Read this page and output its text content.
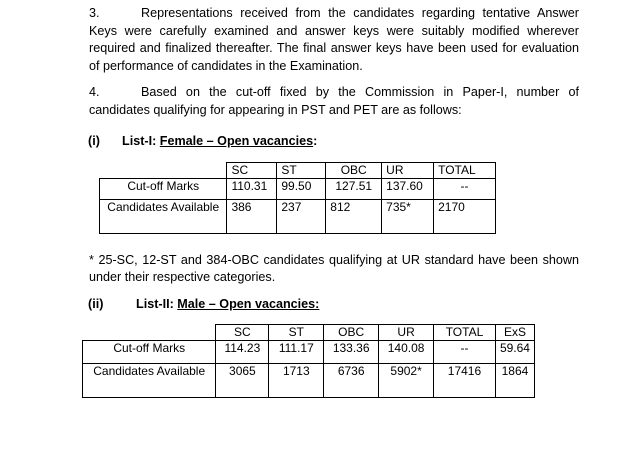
3.	Representations received from the candidates regarding tentative Answer Keys were carefully examined and answer keys were suitably modified wherever required and finalized thereafter. The final answer keys have been used for evaluation of performance of candidates in the Examination.
4.	Based on the cut-off fixed by the Commission in Paper-I, number of candidates qualifying for appearing in PST and PET are as follows:
(i) List-I: Female – Open vacancies:
	SC	ST	OBC	UR	TOTAL
Cut-off Marks	110.31	99.50	127.51	137.60	--
Candidates Available	386	237	812	735*	2170
* 25-SC, 12-ST and 384-OBC candidates qualifying at UR standard have been shown under their respective categories.
(ii)	List-II: Male – Open vacancies:
	SC	ST	OBC	UR	TOTAL	ExS
Cut-off Marks	114.23	111.17	133.36	140.08	--	59.64
Candidates Available	3065	1713	6736	5902*	17416	1864
